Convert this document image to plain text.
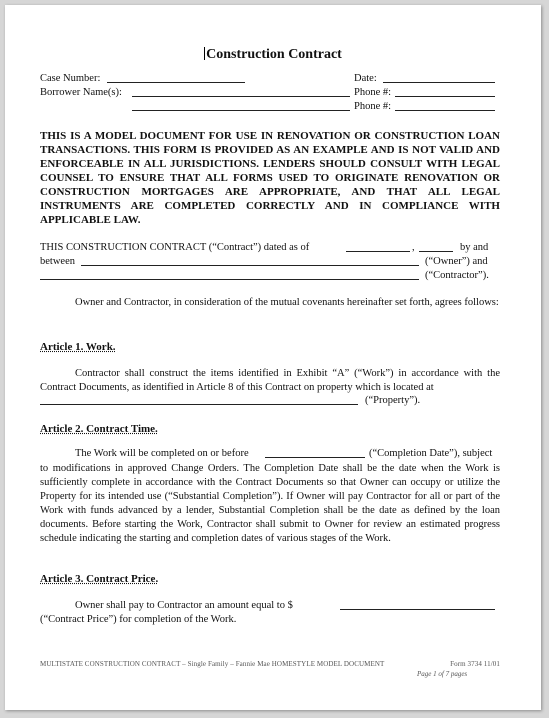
Construction Contract
Case Number:	Date:
Borrower Name(s):	Phone #:
Phone #:
THIS IS A MODEL DOCUMENT FOR USE IN RENOVATION OR CONSTRUCTION LOAN TRANSACTIONS. THIS FORM IS PROVIDED AS AN EXAMPLE AND IS NOT VALID AND ENFORCEABLE IN ALL JURISDICTIONS. LENDERS SHOULD CONSULT WITH LEGAL COUNSEL TO ENSURE THAT ALL FORMS USED TO ORIGINATE RENOVATION OR CONSTRUCTION MORTGAGES ARE APPROPRIATE, AND THAT ALL LEGAL INSTRUMENTS ARE COMPLETED CORRECTLY AND IN COMPLIANCE WITH APPLICABLE LAW.
THIS CONSTRUCTION CONTRACT (“Contract”) dated as of	,	by and
between	(“Owner”) and
(“Contractor”).
Owner and Contractor, in consideration of the mutual covenants hereinafter set forth, agrees follows:
Article 1. Work.
Contractor shall construct the items identified in Exhibit “A” (“Work”) in accordance with the Contract Documents, as identified in Article 8 of this Contract on property which is located at
(“Property”).
Article 2. Contract Time.
The Work will be completed on or before	(“Completion Date”), subject
to modifications in approved Change Orders. The Completion Date shall be the date when the Work is sufficiently complete in accordance with the Contract Documents so that Owner can occupy or utilize the Property for its intended use (“Substantial Completion”). If Owner will pay Contractor for all or part of the Work with funds advanced by a lender, Substantial Completion shall be the date as defined by the loan documents. Before starting the Work, Contractor shall submit to Owner for review an estimated progress schedule indicating the starting and completion dates of various stages of the Work.
Article 3. Contract Price.
Owner shall pay to Contractor an amount equal to $
(“Contract Price”) for completion of the Work.
MULTISTATE CONSTRUCTION CONTRACT – Single Family – Fannie Mae HOMESTYLE MODEL DOCUMENT	Form 3734 11/01
Page 1 of 7 pages
